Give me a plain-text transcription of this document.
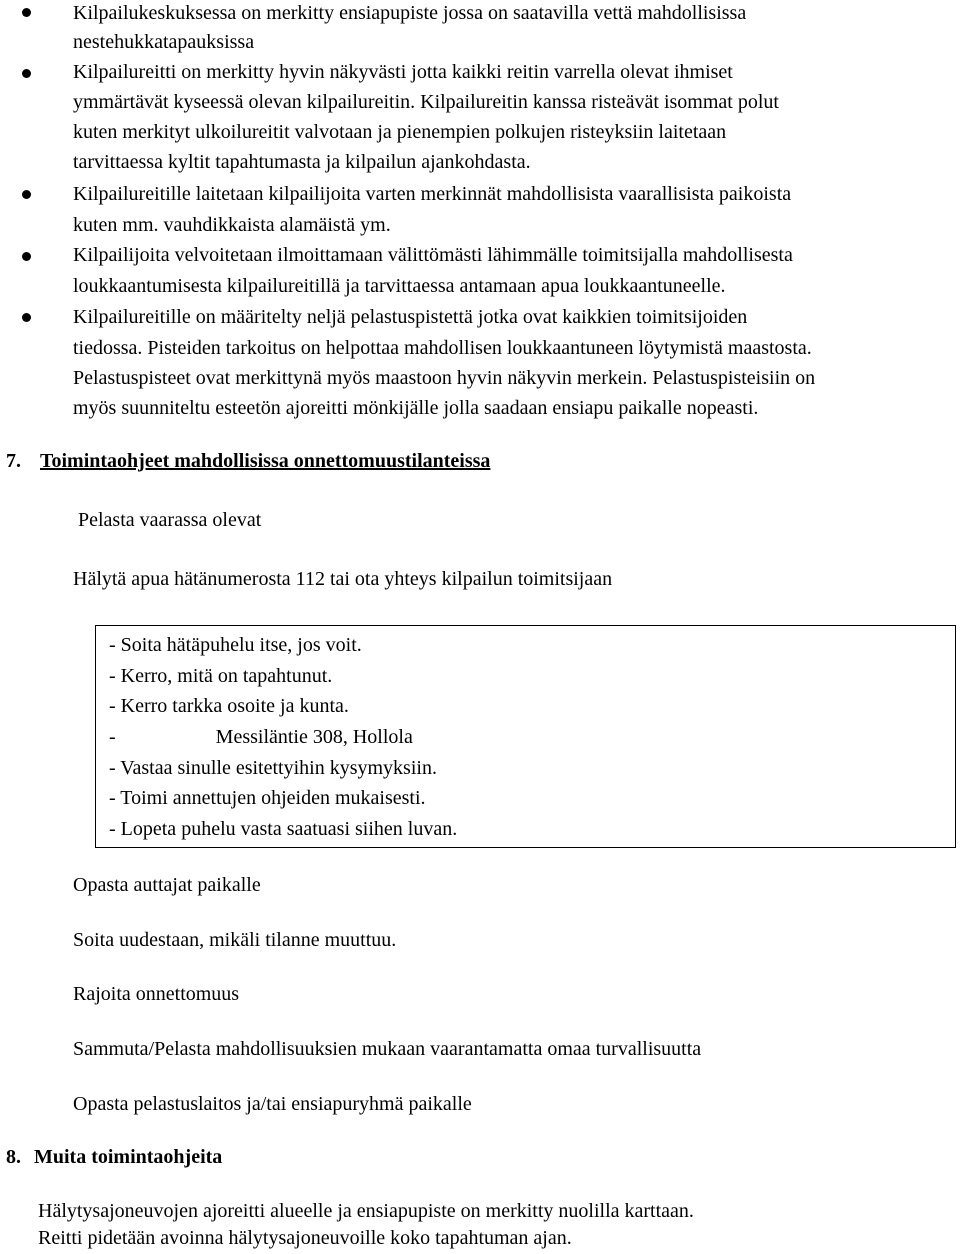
Kilpailukeskuksessa on merkitty ensiapupiste jossa on saatavilla vettä mahdollisissa
nestehukkatapauksissa
Kilpailureitti on merkitty hyvin näkyvästi jotta kaikki reitin varrella olevat ihmiset
ymmärtävät kyseessä olevan kilpailureitin. Kilpailureitin kanssa risteävät isommat polut
kuten merkityt ulkoilureitit valvotaan ja pienempien polkujen risteyksiin laitetaan
tarvittaessa kyltit tapahtumasta ja kilpailun ajankohdasta.
Kilpailureitille laitetaan kilpailijoita varten merkinnät mahdollisista vaarallisista paikoista
kuten mm. vauhdikkaista alamäistä ym.
Kilpailijoita velvoitetaan ilmoittamaan välittömästi lähimmälle toimitsijalla mahdollisesta
loukkaantumisesta kilpailureitillä ja tarvittaessa antamaan apua loukkaantuneelle.
Kilpailureitille on määritelty neljä pelastuspistettä jotka ovat kaikkien toimitsijoiden
tiedossa. Pisteiden tarkoitus on helpottaa mahdollisen loukkaantuneen löytymistä maastosta.
Pelastuspisteet ovat merkittynä myös maastoon hyvin näkyvin merkein. Pelastuspisteisiin on
myös suunniteltu esteetön ajoreitti mönkijälle jolla saadaan ensiapu paikalle nopeasti.
7. Toimintaohjeet mahdollisissa onnettomuustilanteissa
Pelasta vaarassa olevat
Hälytä apua hätänumerosta 112 tai ota yhteys kilpailun toimitsijaan
- Soita hätäpuhelu itse, jos voit.
- Kerro, mitä on tapahtunut.
- Kerro tarkka osoite ja kunta.
-                    Messiläntie 308, Hollola
- Vastaa sinulle esitettyihin kysymyksiin.
- Toimi annettujen ohjeiden mukaisesti.
- Lopeta puhelu vasta saatuasi siihen luvan.
Opasta auttajat paikalle
Soita uudestaan, mikäli tilanne muuttuu.
Rajoita onnettomuus
Sammuta/Pelasta mahdollisuuksien mukaan vaarantamatta omaa turvallisuutta
Opasta pelastuslaitos ja/tai ensiapuryhmä paikalle
8. Muita toimintaohjeita
Hälytysajoneuvojen ajoreitti alueelle ja ensiapupiste on merkitty nuolilla karttaan.
Reitti pidetään avoinna hälytysajoneuvoille koko tapahtuman ajan.
